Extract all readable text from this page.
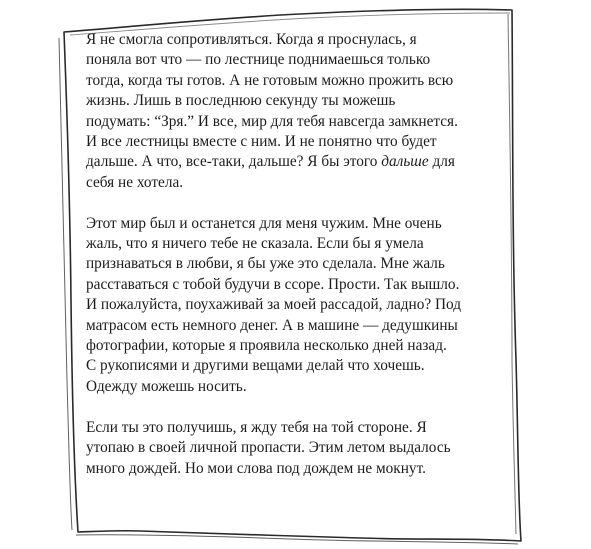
Я не смогла сопротивляться. Когда я проснулась, я
поняла вот что — по лестнице поднимаешься только
тогда, когда ты готов. А не готовым можно прожить всю
жизнь. Лишь в последнюю секунду ты можешь
подумать: “Зря.” И все, мир для тебя навсегда замкнется.
И все лестницы вместе с ним. И не понятно что будет
дальше. А что, все-таки, дальше? Я бы этого дальше для
себя не хотела.

Этот мир был и останется для меня чужим. Мне очень
жаль, что я ничего тебе не сказала. Если бы я умела
признаваться в любви, я бы уже это сделала. Мне жаль
расставаться с тобой будучи в ссоре. Прости. Так вышло.
И пожалуйста, поухаживай за моей рассадой, ладно? Под
матрасом есть немного денег. А в машине — дедушкины
фотографии, которые я проявила несколько дней назад.
С рукописями и другими вещами делай что хочешь.
Одежду можешь носить.

Если ты это получишь, я жду тебя на той стороне. Я
утопаю в своей личной пропасти. Этим летом выдалось
много дождей. Но мои слова под дождем не мокнут.
